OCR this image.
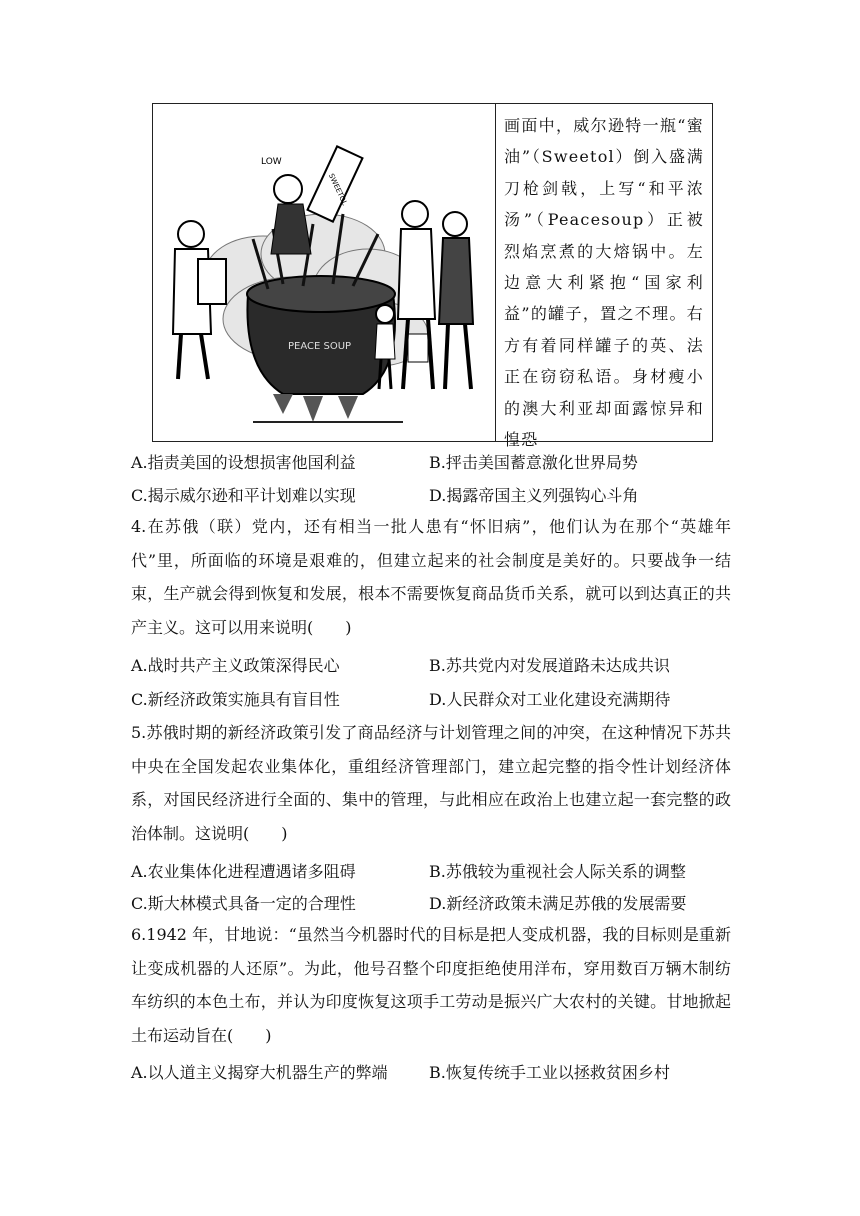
PEACE SOUP
SWEETOL
LOW
画面中，威尔逊特一瓶“蜜油”（Sweetol）倒入盛满刀枪剑戟，上写“和平浓汤”（Peacesoup）正被烈焰烹煮的大熔锅中。左边意大利紧抱“国家利益”的罐子，置之不理。右方有着同样罐子的英、法正在窃窃私语。身材瘦小的澳大利亚却面露惊异和惶恐
A.指责美国的设想损害他国利益	B.抨击美国蓄意激化世界局势
C.揭示威尔逊和平计划难以实现	D.揭露帝国主义列强钩心斗角
4.在苏俄（联）党内，还有相当一批人患有“怀旧病”，他们认为在那个“英雄年代”里，所面临的环境是艰难的，但建立起来的社会制度是美好的。只要战争一结束，生产就会得到恢复和发展，根本不需要恢复商品货币关系，就可以到达真正的共产主义。这可以用来说明(　　)
A.战时共产主义政策深得民心	B.苏共党内对发展道路未达成共识
C.新经济政策实施具有盲目性	D.人民群众对工业化建设充满期待
5.苏俄时期的新经济政策引发了商品经济与计划管理之间的冲突，在这种情况下苏共中央在全国发起农业集体化，重组经济管理部门，建立起完整的指令性计划经济体系，对国民经济进行全面的、集中的管理，与此相应在政治上也建立起一套完整的政治体制。这说明(　　)
A.农业集体化进程遭遇诸多阻碍	B.苏俄较为重视社会人际关系的调整
C.斯大林模式具备一定的合理性	D.新经济政策未满足苏俄的发展需要
6.1942 年，甘地说：“虽然当今机器时代的目标是把人变成机器，我的目标则是重新让变成机器的人还原”。为此，他号召整个印度拒绝使用洋布，穿用数百万辆木制纺车纺织的本色土布，并认为印度恢复这项手工劳动是振兴广大农村的关键。甘地掀起土布运动旨在(　　)
A.以人道主义揭穿大机器生产的弊端	B.恢复传统手工业以拯救贫困乡村
